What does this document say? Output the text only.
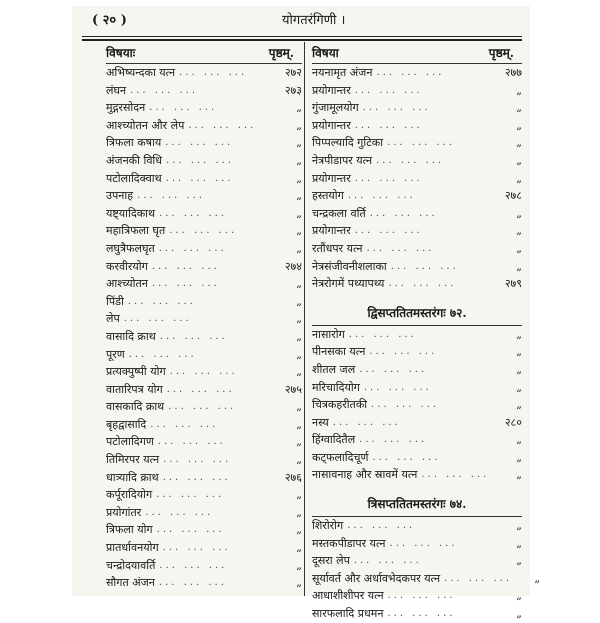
( २० )	योगतरंगिणी ।
विषयाः	पृष्ठम्.
अभिष्यन्दका यत्न ... ... ...	२७२
लंघन ... ... ...	२७३
मुद्गरसोदन ... ... ...	„
आश्च्योतन और लेप ... ... ...	„
त्रिफला कषाय ... ... ...	„
अंजनकी विधि ... ... ...	„
पटोलादिक्वाथ ... ... ...	„
उपनाह ... ... ...	„
यष्ट्यादिकाथ ... ... ...	„
महात्रिफला घृत ... ... ...	„
लघुत्रैफलघृत ... ... ...	„
करवीरयोग ... ... ...	२७४
आश्च्योतन ... ... ...	„
पिंडी ... ... ...	„
लेप ... ... ...	„
वासादि क्राथ ... ... ...	„
पूरण ... ... ...	„
प्रत्यक्पुष्पी योग ... ... ...	„
वातारिपत्र योग ... ... ...	२७५
वासकादि क्राथ ... ... ...	„
बृहद्वासादि ... ... ...	„
पटोलादिगण ... ... ...	„
तिमिरपर यत्न ... ... ...	„
धात्र्यादि क्राथ ... ... ...	२७६
कर्पूरादियोग ... ... ...	„
प्रयोगांतर ... ... ...	„
त्रिफला योग ... ... ...	„
प्रातर्धावनयोग ... ... ...	„
चन्द्रोदयावर्ति ... ... ...	„
सौगत अंजन ... ... ...	„
विषया	पृष्ठम्.
नयनामृत अंजन ... ... ...	२७७
प्रयोगान्तर ... ... ...	„
गुंजामूलयोग ... ... ...	„
प्रयोगान्तर ... ... ...	„
पिप्पल्यादि गुटिका ... ... ...	„
नेत्रपीडापर यत्न ... ... ...	„
प्रयोगान्तर ... ... ...	„
हस्तयोग ... ... ...	२७८
चन्द्रकला वर्ति ... ... ...	„
प्रयोगान्तर ... ... ...	„
रतौंधपर यत्न ... ... ...	„
नेत्रसंजीवनीशलाका ... ... ...	„
नेत्ररोगमें पथ्यापथ्य ... ... ...	२७९
द्विसप्ततितमस्तरंगः ७२.
नासारोग ... ... ...	„
पीनसका यत्न ... ... ...	„
शीतल जल ... ... ...	„
मरिचादियोग ... ... ...	„
चित्रकहरीतकी ... ... ...	„
नस्य ... ... ...	२८०
हिंग्वादितैल ... ... ...	„
कट्फलादिचूर्ण ... ... ...	„
नासावनाह और स्रावमें यत्न ... ... ...	„
त्रिसप्ततितमस्तरंगः ७४.
शिरोरोग ... ... ...	„
मस्तकपीडापर यत्न ... ... ...	„
दूसरा लेप ... ... ...	„
सूर्यावर्त और अर्धावभेदकपर यत्न ... ... ...	„
आधाशीशीपर यत्न ... ... ...	„
सारफलादि प्रधमन ... ... ...	„
